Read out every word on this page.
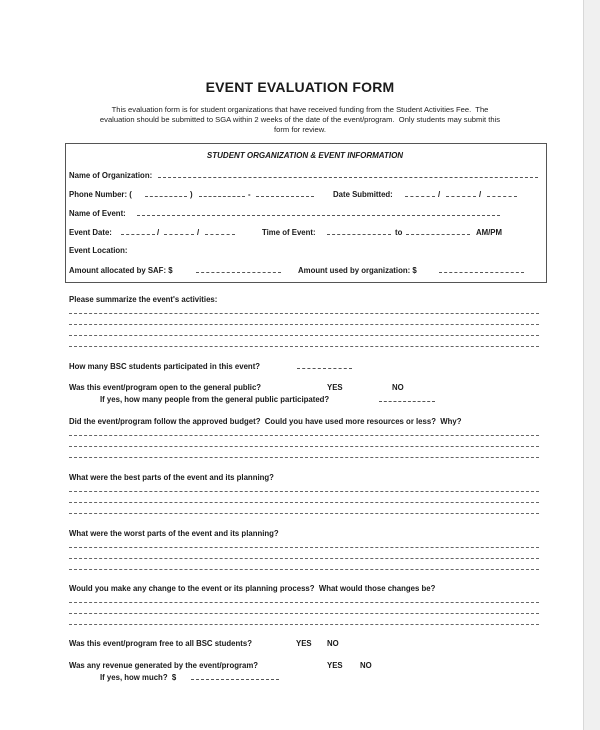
EVENT EVALUATION FORM
This evaluation form is for student organizations that have received funding from the Student Activities Fee.  The
evaluation should be submitted to SGA within 2 weeks of the date of the event/program.  Only students may submit this
form for review.
STUDENT ORGANIZATION & EVENT INFORMATION
Name of Organization:
Phone Number: (	)	-	Date Submitted:	/	/
Name of Event:
Event Date:	/	/	Time of Event:	to	AM/PM
Event Location:
Amount allocated by SAF: $	Amount used by organization: $
Please summarize the event's activities:
How many BSC students participated in this event?
Was this event/program open to the general public?	YES	NO
If yes, how many people from the general public participated?
Did the event/program follow the approved budget?  Could you have used more resources or less?  Why?
What were the best parts of the event and its planning?
What were the worst parts of the event and its planning?
Would you make any change to the event or its planning process?  What would those changes be?
Was this event/program free to all BSC students?	YES NO
Was any revenue generated by the event/program?	YES NO
If yes, how much?  $
